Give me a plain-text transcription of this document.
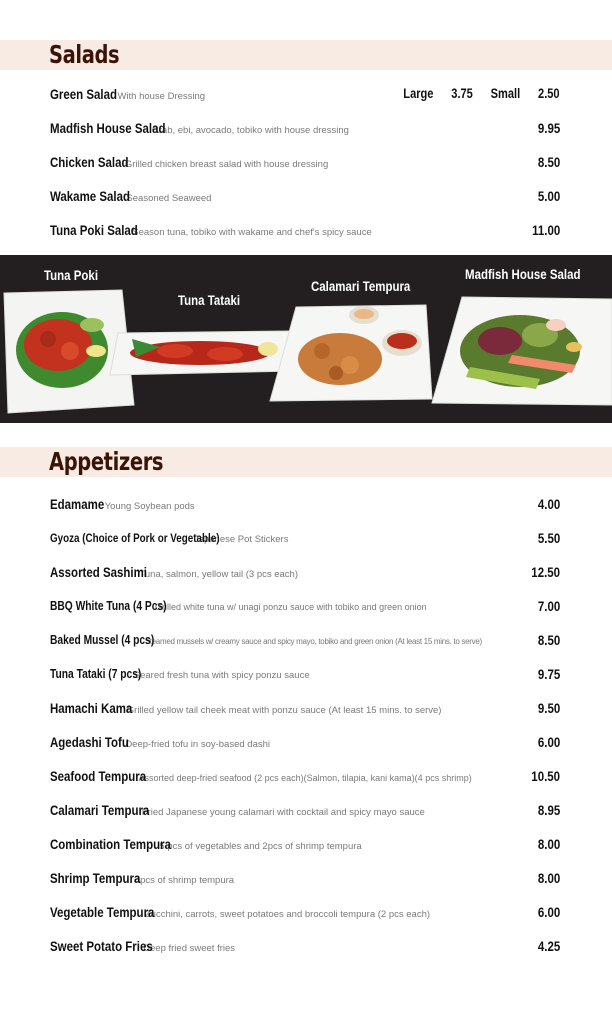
Salads
Green Salad With house Dressing	Large 3.75 Small 2.50
Madfish House Salad Crab, ebi, avocado, tobiko with house dressing	9.95
Chicken Salad Grilled chicken breast salad with house dressing	8.50
Wakame Salad Seasoned Seaweed	5.00
Tuna Poki Salad Season tuna, tobiko with wakame and chef's spicy sauce	11.00
Tuna Poki
Tuna Tataki
Calamari Tempura
Madfish House Salad
Appetizers
Edamame Young Soybean pods	4.00
Gyoza (Choice of Pork or Vegetable) Japanese Pot Stickers	5.50
Assorted Sashimi Tuna, salmon, yellow tail (3 pcs each)	12.50
BBQ White Tuna (4 Pcs) Grilled white tuna w/ unagi ponzu sauce with tobiko and green onion	7.00
Baked Mussel (4 pcs) Steamed mussels w/ creamy sauce and spicy mayo, tobiko and green onion (At least 15 mins. to serve)	8.50
Tuna Tataki (7 pcs) Seared fresh tuna with spicy ponzu sauce	9.75
Hamachi Kama Grilled yellow tail cheek meat with ponzu sauce (At least 15 mins. to serve)	9.50
Agedashi Tofu Deep-fried tofu in soy-based dashi	6.00
Seafood Tempura Assorted deep-fried seafood (2 pcs each)(Salmon, tilapia, kani kama)(4 pcs shrimp)	10.50
Calamari Tempura Fried Japanese young calamari with cocktail and spicy mayo sauce	8.95
Combination Tempura 5 pcs of vegetables and 2pcs of shrimp tempura	8.00
Shrimp Tempura 4pcs of shrimp tempura	8.00
Vegetable Tempura Zucchini, carrots, sweet potatoes and broccoli tempura (2 pcs each)	6.00
Sweet Potato Fries Deep fried sweet fries	4.25
